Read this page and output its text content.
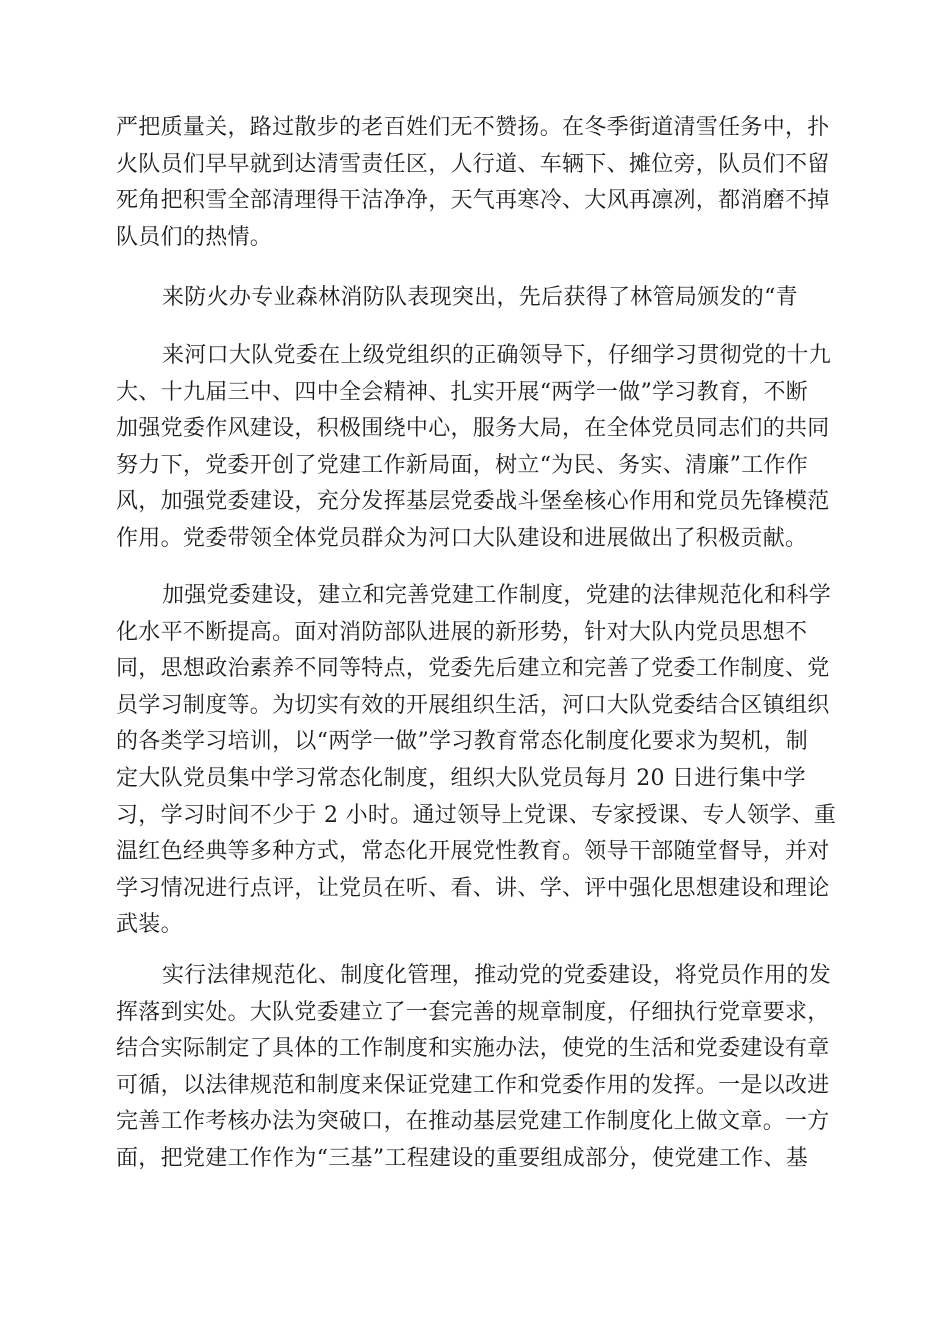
严把质量关，路过散步的老百姓们无不赞扬。在冬季街道清雪任务中，扑
火队员们早早就到达清雪责任区，人行道、车辆下、摊位旁，队员们不留
死角把积雪全部清理得干洁净净，天气再寒冷、大风再凛冽，都消磨不掉
队员们的热情。

来防火办专业森林消防队表现突出，先后获得了林管局颁发的“青

来河口大队党委在上级党组织的正确领导下，仔细学习贯彻党的十九
大、十九届三中、四中全会精神、扎实开展“两学一做”学习教育，不断
加强党委作风建设，积极围绕中心，服务大局，在全体党员同志们的共同
努力下，党委开创了党建工作新局面，树立“为民、务实、清廉”工作作
风，加强党委建设，充分发挥基层党委战斗堡垒核心作用和党员先锋模范
作用。党委带领全体党员群众为河口大队建设和进展做出了积极贡献。

加强党委建设，建立和完善党建工作制度，党建的法律规范化和科学
化水平不断提高。面对消防部队进展的新形势，针对大队内党员思想不
同，思想政治素养不同等特点，党委先后建立和完善了党委工作制度、党
员学习制度等。为切实有效的开展组织生活，河口大队党委结合区镇组织
的各类学习培训，以“两学一做”学习教育常态化制度化要求为契机，制
定大队党员集中学习常态化制度，组织大队党员每月 20 日进行集中学
习，学习时间不少于 2 小时。通过领导上党课、专家授课、专人领学、重
温红色经典等多种方式，常态化开展党性教育。领导干部随堂督导，并对
学习情况进行点评，让党员在听、看、讲、学、评中强化思想建设和理论
武装。

实行法律规范化、制度化管理，推动党的党委建设，将党员作用的发
挥落到实处。大队党委建立了一套完善的规章制度，仔细执行党章要求，
结合实际制定了具体的工作制度和实施办法，使党的生活和党委建设有章
可循，以法律规范和制度来保证党建工作和党委作用的发挥。一是以改进
完善工作考核办法为突破口，在推动基层党建工作制度化上做文章。一方
面，把党建工作作为“三基”工程建设的重要组成部分，使党建工作、基
